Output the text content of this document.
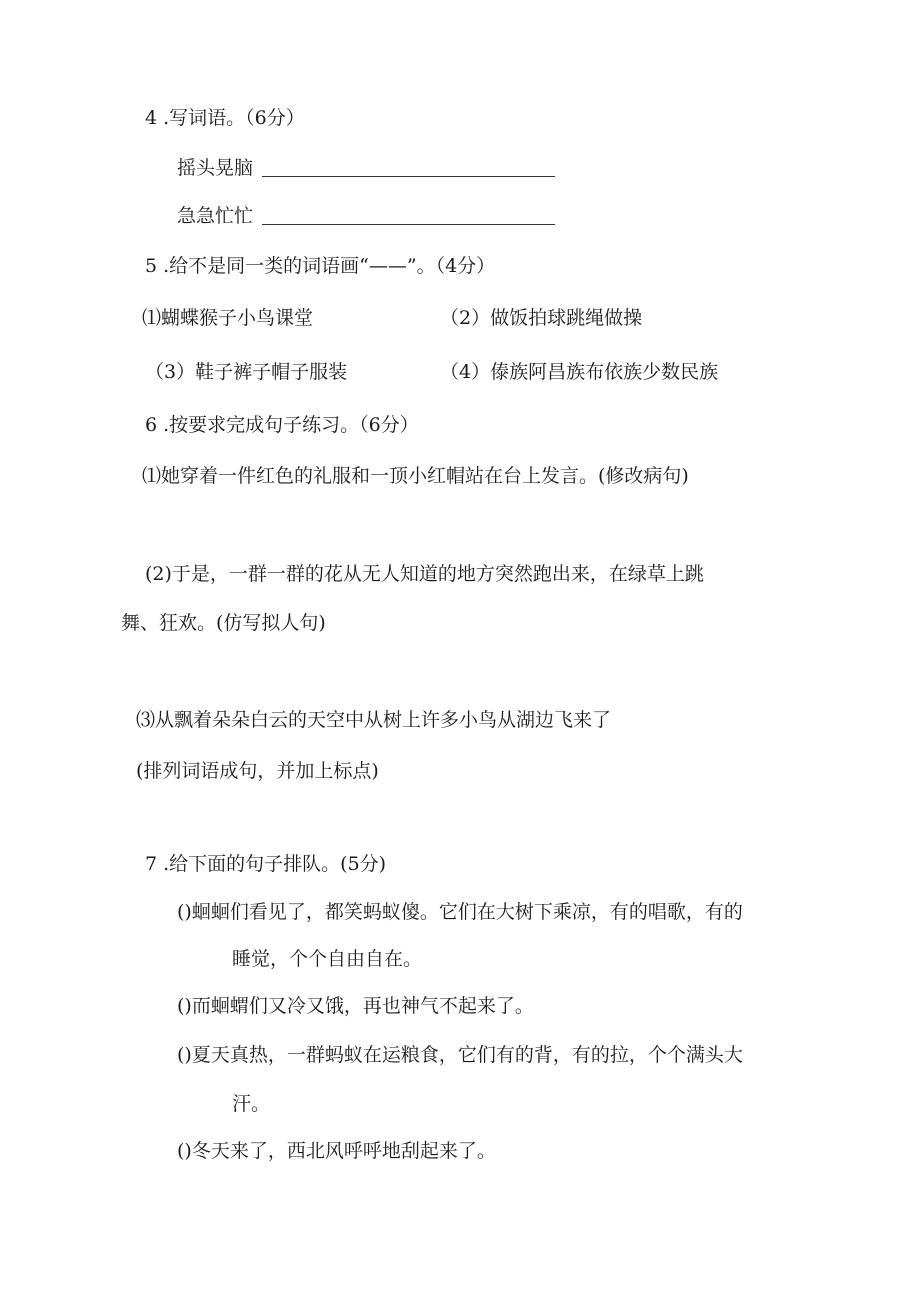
4 .写词语。（6分）
摇头晃脑
急急忙忙
5 .给不是同一类的词语画“——”。（4分）
⑴蝴蝶猴子小鸟课堂	（2）做饭拍球跳绳做操
（3）鞋子裤子帽子服装	（4）傣族阿昌族布依族少数民族
6 .按要求完成句子练习。（6分）
⑴她穿着一件红色的礼服和一顶小红帽站在台上发言。(修改病句)
(2)于是，一群一群的花从无人知道的地方突然跑出来，在绿草上跳
舞、狂欢。(仿写拟人句)
⑶从飘着朵朵白云的天空中从树上许多小鸟从湖边飞来了
(排列词语成句，并加上标点)
7 .给下面的句子排队。(5分)
()蛔蛔们看见了，都笑蚂蚁傻。它们在大树下乘凉，有的唱歌，有的
睡觉，个个自由自在。
()而蛔蝟们又冷又饿，再也神气不起来了。
()夏天真热，一群蚂蚁在运粮食，它们有的背，有的拉，个个满头大
汗。
()冬天来了，西北风呼呼地刮起来了。
